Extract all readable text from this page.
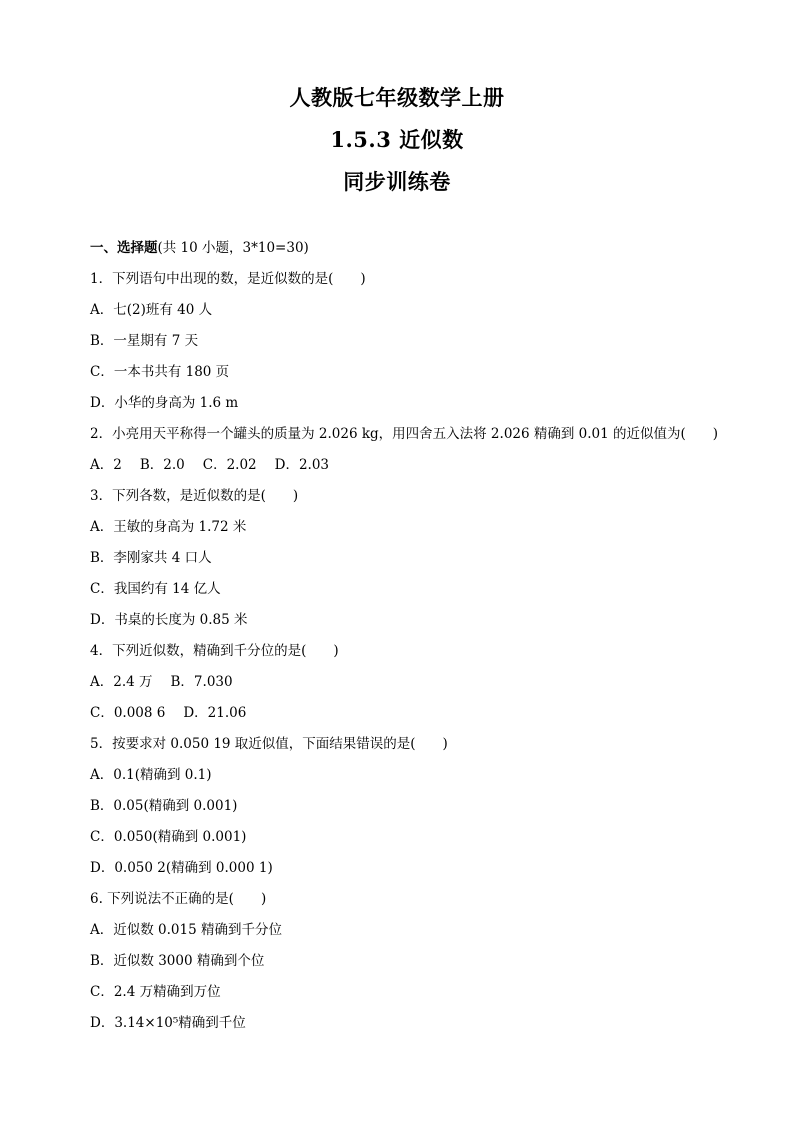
人教版七年级数学上册
1.5.3 近似数
同步训练卷
一、选择题(共 10 小题，3*10=30)
1．下列语句中出现的数，是近似数的是(　　)
A．七(2)班有 40 人
B．一星期有 7 天
C．一本书共有 180 页
D．小华的身高为 1.6 m
2．小亮用天平称得一个罐头的质量为 2.026 kg，用四舍五入法将 2.026 精确到 0.01 的近似值为(　　)
A．2 B．2.0 C．2.02 D．2.03
3．下列各数，是近似数的是(　　)
A．王敏的身高为 1.72 米
B．李刚家共 4 口人
C．我国约有 14 亿人
D．书桌的长度为 0.85 米
4．下列近似数，精确到千分位的是(　　)
A．2.4 万 B．7.030
C．0.008 6 D．21.06
5．按要求对 0.050 19 取近似值，下面结果错误的是(　　)
A．0.1(精确到 0.1)
B．0.05(精确到 0.001)
C．0.050(精确到 0.001)
D．0.050 2(精确到 0.000 1)
6. 下列说法不正确的是(　　)
A．近似数 0.015 精确到千分位
B．近似数 3000 精确到个位
C．2.4 万精确到万位
D．3.14×10⁵精确到千位
